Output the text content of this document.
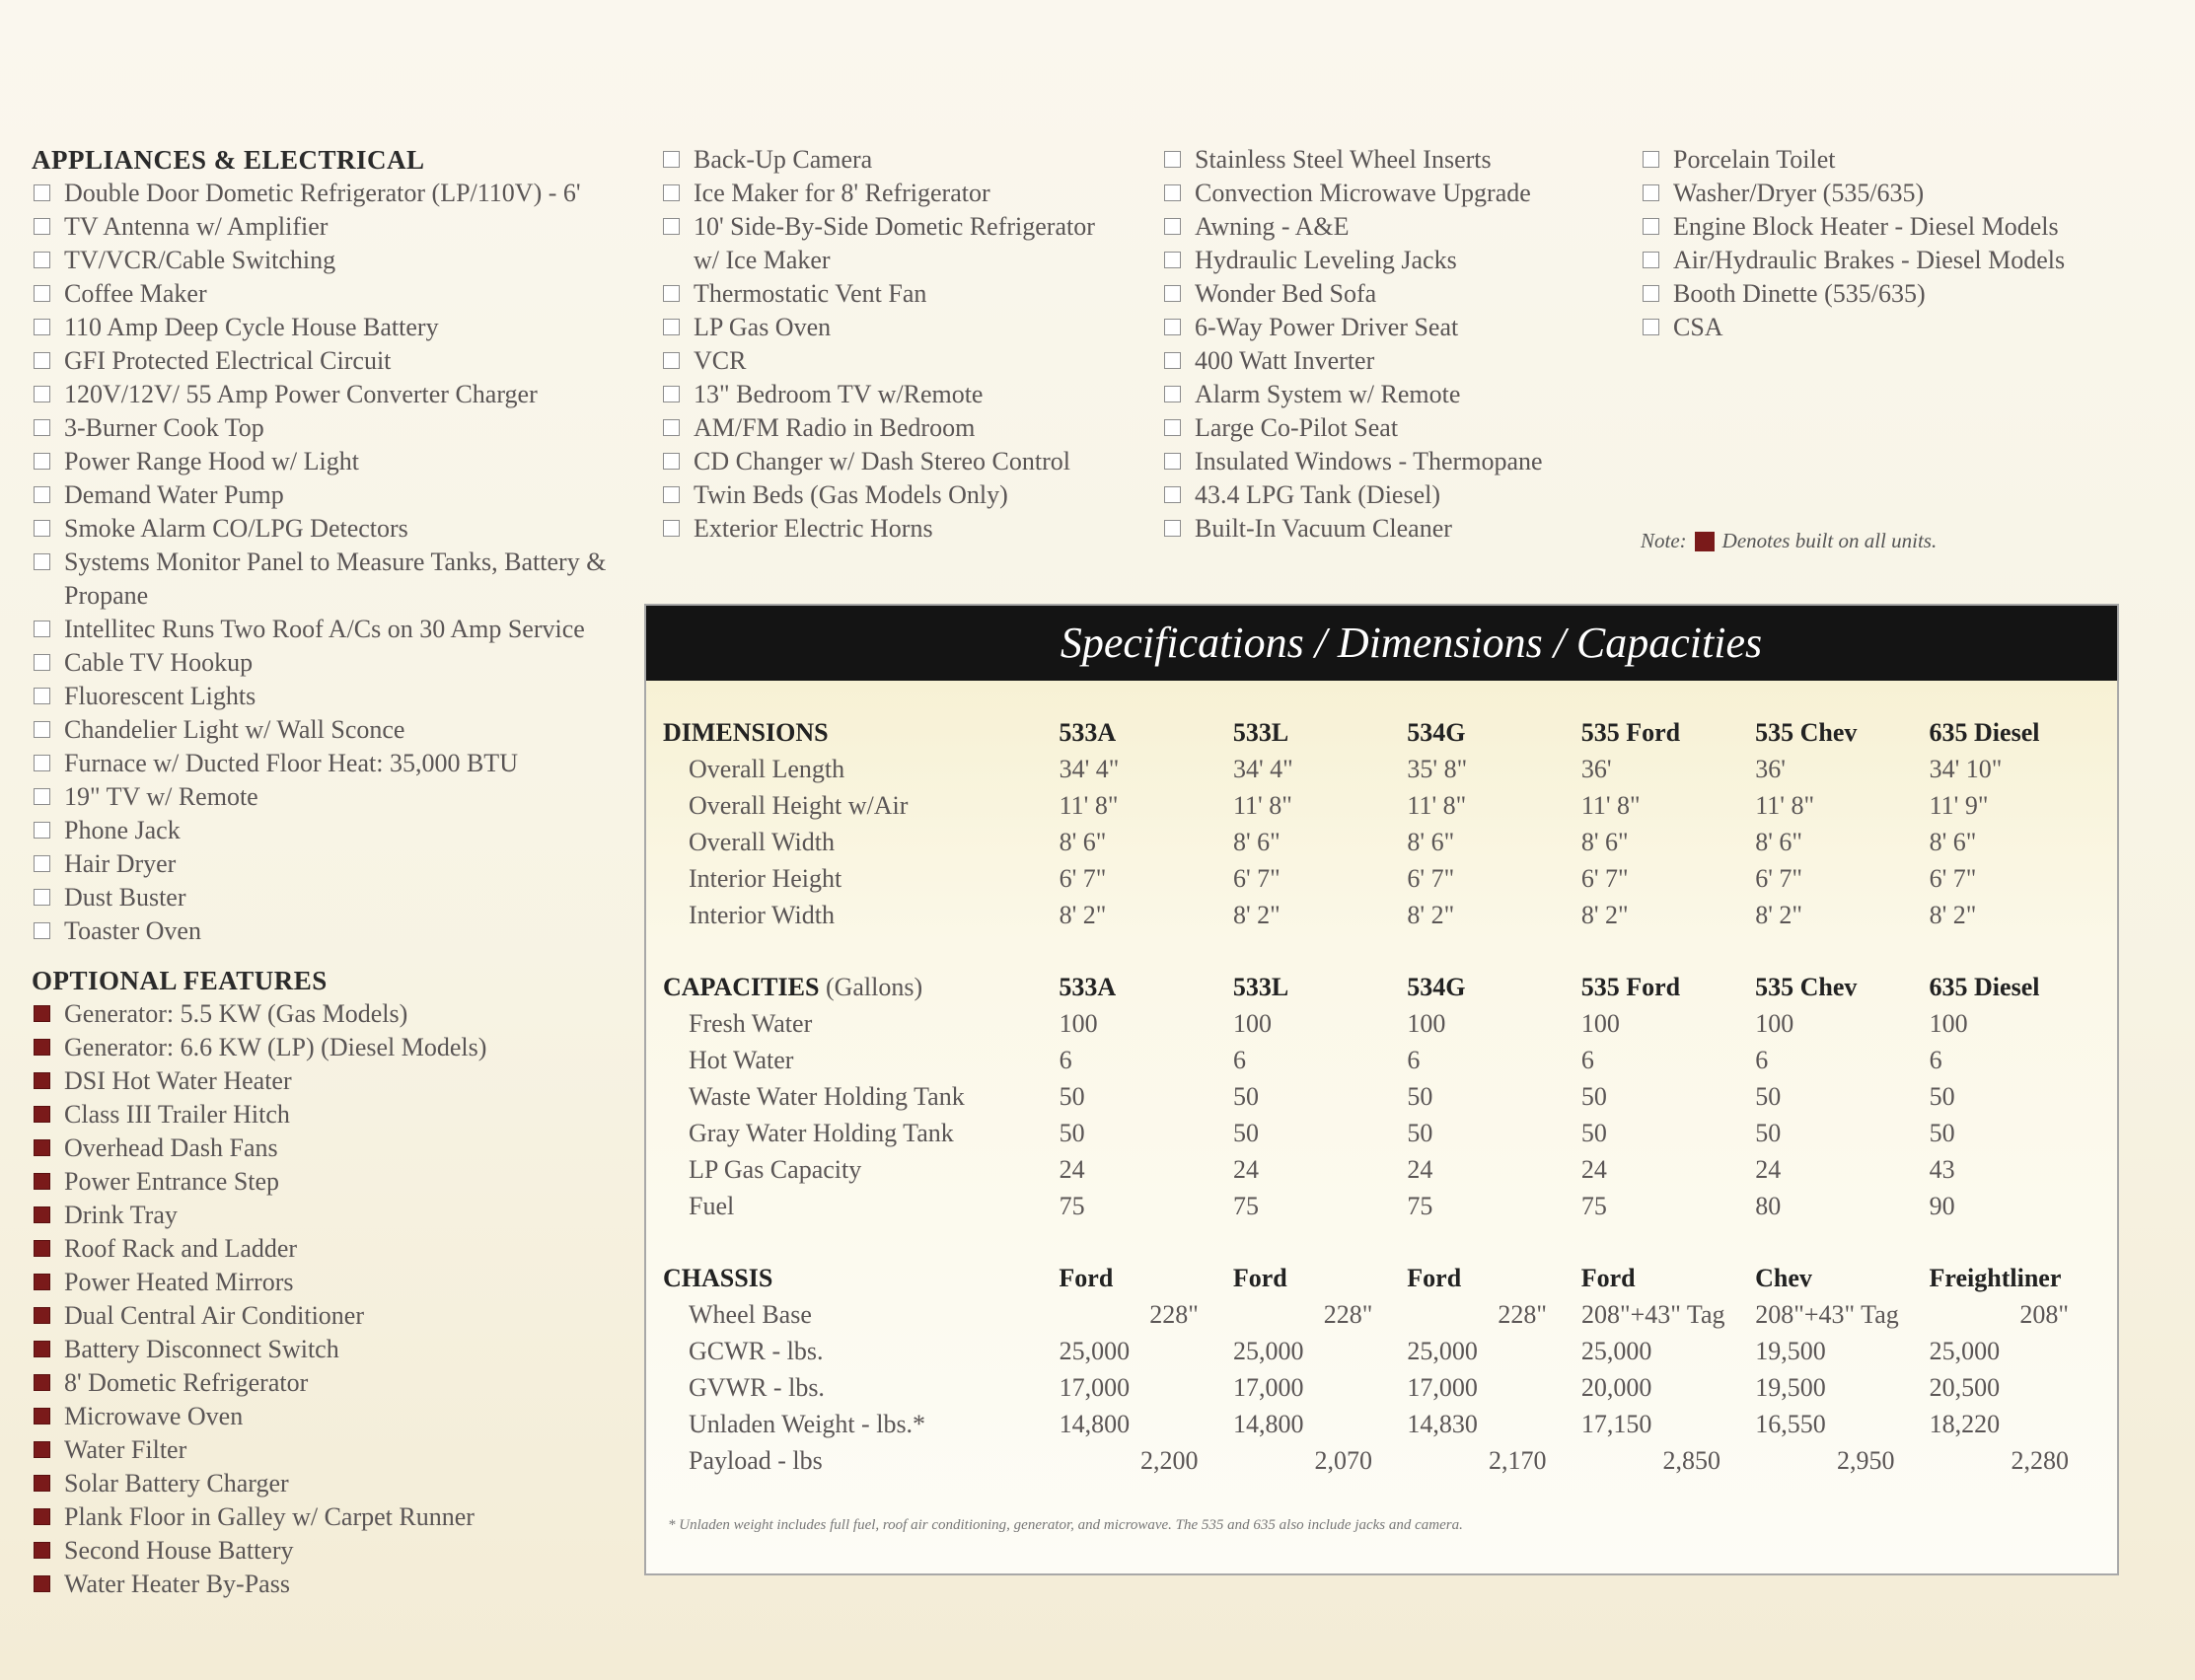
APPLIANCES & ELECTRICAL
Double Door Dometic Refrigerator (LP/110V) - 6'
TV Antenna w/ Amplifier
TV/VCR/Cable Switching
Coffee Maker
110 Amp Deep Cycle House Battery
GFI Protected Electrical Circuit
120V/12V/ 55 Amp Power Converter Charger
3-Burner Cook Top
Power Range Hood w/ Light
Demand Water Pump
Smoke Alarm CO/LPG Detectors
Systems Monitor Panel to Measure Tanks, Battery & Propane
Intellitec Runs Two Roof A/Cs on 30 Amp Service
Cable TV Hookup
Fluorescent Lights
Chandelier Light w/ Wall Sconce
Furnace w/ Ducted Floor Heat: 35,000 BTU
19" TV w/ Remote
Phone Jack
Hair Dryer
Dust Buster
Toaster Oven
OPTIONAL FEATURES
Generator: 5.5 KW (Gas Models)
Generator: 6.6 KW (LP) (Diesel Models)
DSI Hot Water Heater
Class III Trailer Hitch
Overhead Dash Fans
Power Entrance Step
Drink Tray
Roof Rack and Ladder
Power Heated Mirrors
Dual Central Air Conditioner
Battery Disconnect Switch
8' Dometic Refrigerator
Microwave Oven
Water Filter
Solar Battery Charger
Plank Floor in Galley w/ Carpet Runner
Second House Battery
Water Heater By-Pass
Back-Up Camera
Ice Maker for 8' Refrigerator
10' Side-By-Side Dometic Refrigerator w/ Ice Maker
Thermostatic Vent Fan
LP Gas Oven
VCR
13" Bedroom TV w/Remote
AM/FM Radio in Bedroom
CD Changer w/ Dash Stereo Control
Twin Beds (Gas Models Only)
Exterior Electric Horns
Stainless Steel Wheel Inserts
Convection Microwave Upgrade
Awning - A&E
Hydraulic Leveling Jacks
Wonder Bed Sofa
6-Way Power Driver Seat
400 Watt Inverter
Alarm System w/ Remote
Large Co-Pilot Seat
Insulated Windows - Thermopane
43.4 LPG Tank (Diesel)
Built-In Vacuum Cleaner
Porcelain Toilet
Washer/Dryer (535/635)
Engine Block Heater - Diesel Models
Air/Hydraulic Brakes - Diesel Models
Booth Dinette (535/635)
CSA
Note: Denotes built on all units.
Specifications / Dimensions / Capacities
DIMENSIONS	533A	533L	534G	535 Ford	535 Chev	635 Diesel
Overall Length	34' 4"	34' 4"	35' 8"	36'	36'	34' 10"
Overall Height w/Air	11' 8"	11' 8"	11' 8"	11' 8"	11' 8"	11' 9"
Overall Width	8' 6"	8' 6"	8' 6"	8' 6"	8' 6"	8' 6"
Interior Height	6' 7"	6' 7"	6' 7"	6' 7"	6' 7"	6' 7"
Interior Width	8' 2"	8' 2"	8' 2"	8' 2"	8' 2"	8' 2"
CAPACITIES (Gallons)	533A	533L	534G	535 Ford	535 Chev	635 Diesel
Fresh Water	100	100	100	100	100	100
Hot Water	6	6	6	6	6	6
Waste Water Holding Tank	50	50	50	50	50	50
Gray Water Holding Tank	50	50	50	50	50	50
LP Gas Capacity	24	24	24	24	24	43
Fuel	75	75	75	75	80	90
CHASSIS	Ford	Ford	Ford	Ford	Chev	Freightliner
Wheel Base	228"	228"	228"	208"+43" Tag	208"+43" Tag	208"
GCWR - lbs.	25,000	25,000	25,000	25,000	19,500	25,000
GVWR - lbs.	17,000	17,000	17,000	20,000	19,500	20,500
Unladen Weight - lbs.*	14,800	14,800	14,830	17,150	16,550	18,220
Payload - lbs	2,200	2,070	2,170	2,850	2,950	2,280
* Unladen weight includes full fuel, roof air conditioning, generator, and microwave. The 535 and 635 also include jacks and camera.
